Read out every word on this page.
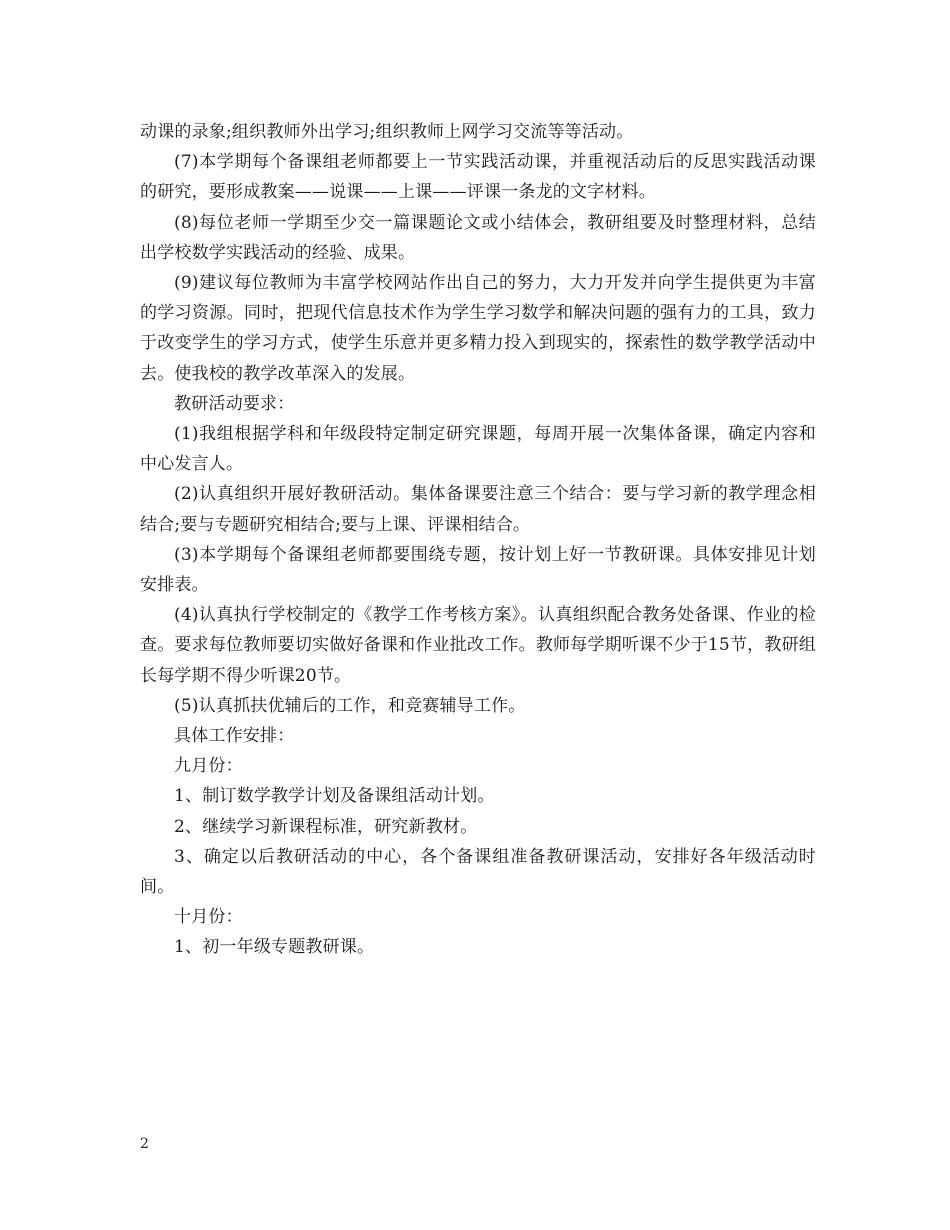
动课的录象;组织教师外出学习;组织教师上网学习交流等等活动。

(7)本学期每个备课组老师都要上一节实践活动课，并重视活动后的反思实践活动课的研究，要形成教案——说课——上课——评课一条龙的文字材料。

(8)每位老师一学期至少交一篇课题论文或小结体会，教研组要及时整理材料，总结出学校数学实践活动的经验、成果。

(9)建议每位教师为丰富学校网站作出自己的努力，大力开发并向学生提供更为丰富的学习资源。同时，把现代信息技术作为学生学习数学和解决问题的强有力的工具，致力于改变学生的学习方式，使学生乐意并更多精力投入到现实的，探索性的数学教学活动中去。使我校的教学改革深入的发展。

教研活动要求：

(1)我组根据学科和年级段特定制定研究课题，每周开展一次集体备课，确定内容和中心发言人。

(2)认真组织开展好教研活动。集体备课要注意三个结合：要与学习新的教学理念相结合;要与专题研究相结合;要与上课、评课相结合。

(3)本学期每个备课组老师都要围绕专题，按计划上好一节教研课。具体安排见计划安排表。

(4)认真执行学校制定的《教学工作考核方案》。认真组织配合教务处备课、作业的检查。要求每位教师要切实做好备课和作业批改工作。教师每学期听课不少于15节，教研组长每学期不得少听课20节。

(5)认真抓扶优辅后的工作，和竞赛辅导工作。

具体工作安排：

九月份：

1、制订数学教学计划及备课组活动计划。

2、继续学习新课程标准，研究新教材。

3、确定以后教研活动的中心，各个备课组准备教研课活动，安排好各年级活动时间。

十月份：

1、初一年级专题教研课。

2
